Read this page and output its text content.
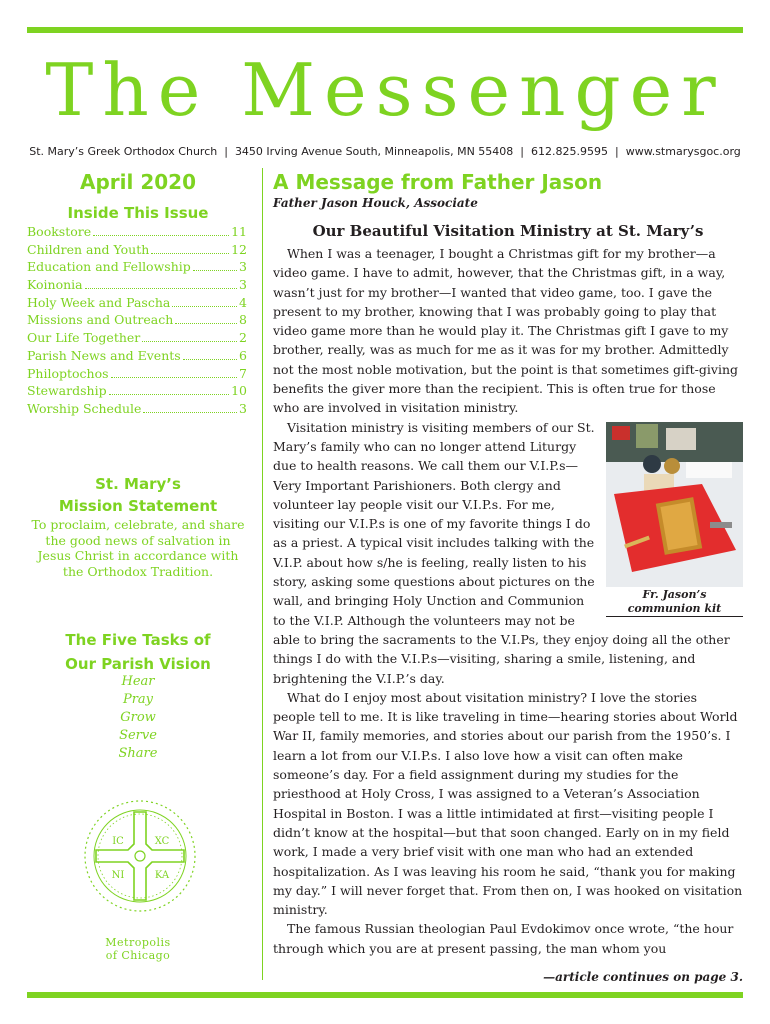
The Messenger
St. Mary’s Greek Orthodox Church | 3450 Irving Avenue South, Minneapolis, MN 55408 | 612.825.9595 | www.stmarysgoc.org
April 2020
Inside This Issue
Bookstore	11
Children and Youth	12
Education and Fellowship	3
Koinonia	3
Holy Week and Pascha	4
Missions and Outreach	8
Our Life Together	2
Parish News and Events	6
Philoptochos	7
Stewardship	10
Worship Schedule	3
St. Mary’s
Mission Statement
To proclaim, celebrate, and share the good news of salvation in Jesus Christ in accordance with the Orthodox Tradition.
The Five Tasks of
Our Parish Vision
Hear
Pray
Grow
Serve
Share
IC	XC
NI	KA
Metropolis
of Chicago
A Message from Father Jason
Father Jason Houck, Associate
Our Beautiful Visitation Ministry at St. Mary’s

When I was a teenager, I bought a Christmas gift for my brother—a video game. I have to admit, however, that the Christmas gift, in a way, wasn’t just for my brother—I wanted that video game, too. I gave the present to my brother, knowing that I was probably going to play that video game more than he would play it. The Christmas gift I gave to my brother, really, was as much for me as it was for my brother. Admittedly not the most noble motivation, but the point is that sometimes gift-giving benefits the giver more than the recipient. This is often true for those who are involved in visitation ministry.

Fr. Jason’s
communion kit

Visitation ministry is visiting members of our St. Mary’s family who can no longer attend Liturgy due to health reasons. We call them our V.I.P.s—Very Important Parishioners. Both clergy and volunteer lay people visit our V.I.P.s. For me, visiting our V.I.P.s is one of my favorite things I do as a priest. A typical visit includes talking with the V.I.P. about how s/he is feeling, really listen to his story, asking some questions about pictures on the wall, and bringing Holy Unction and Communion to the V.I.P. Although the volunteers may not be able to bring the sacraments to the V.I.Ps, they enjoy doing all the other things I do with the V.I.P.s—visiting, sharing a smile, listening, and brightening the V.I.P.’s day.

What do I enjoy most about visitation ministry? I love the stories people tell to me. It is like traveling in time—hearing stories about World War II, family memories, and stories about our parish from the 1950’s. I learn a lot from our V.I.P.s. I also love how a visit can often make someone’s day. For a field assignment during my studies for the priesthood at Holy Cross, I was assigned to a Veteran’s Association Hospital in Boston. I was a little intimidated at first—visiting people I didn’t know at the hospital—but that soon changed. Early on in my field work, I made a very brief visit with one man who had an extended hospitalization. As I was leaving his room he said, “thank you for making my day.” I will never forget that. From then on, I was hooked on visitation ministry.

The famous Russian theologian Paul Evdokimov once wrote, “the hour through which you are at present passing, the man whom you

—article continues on page 3.
